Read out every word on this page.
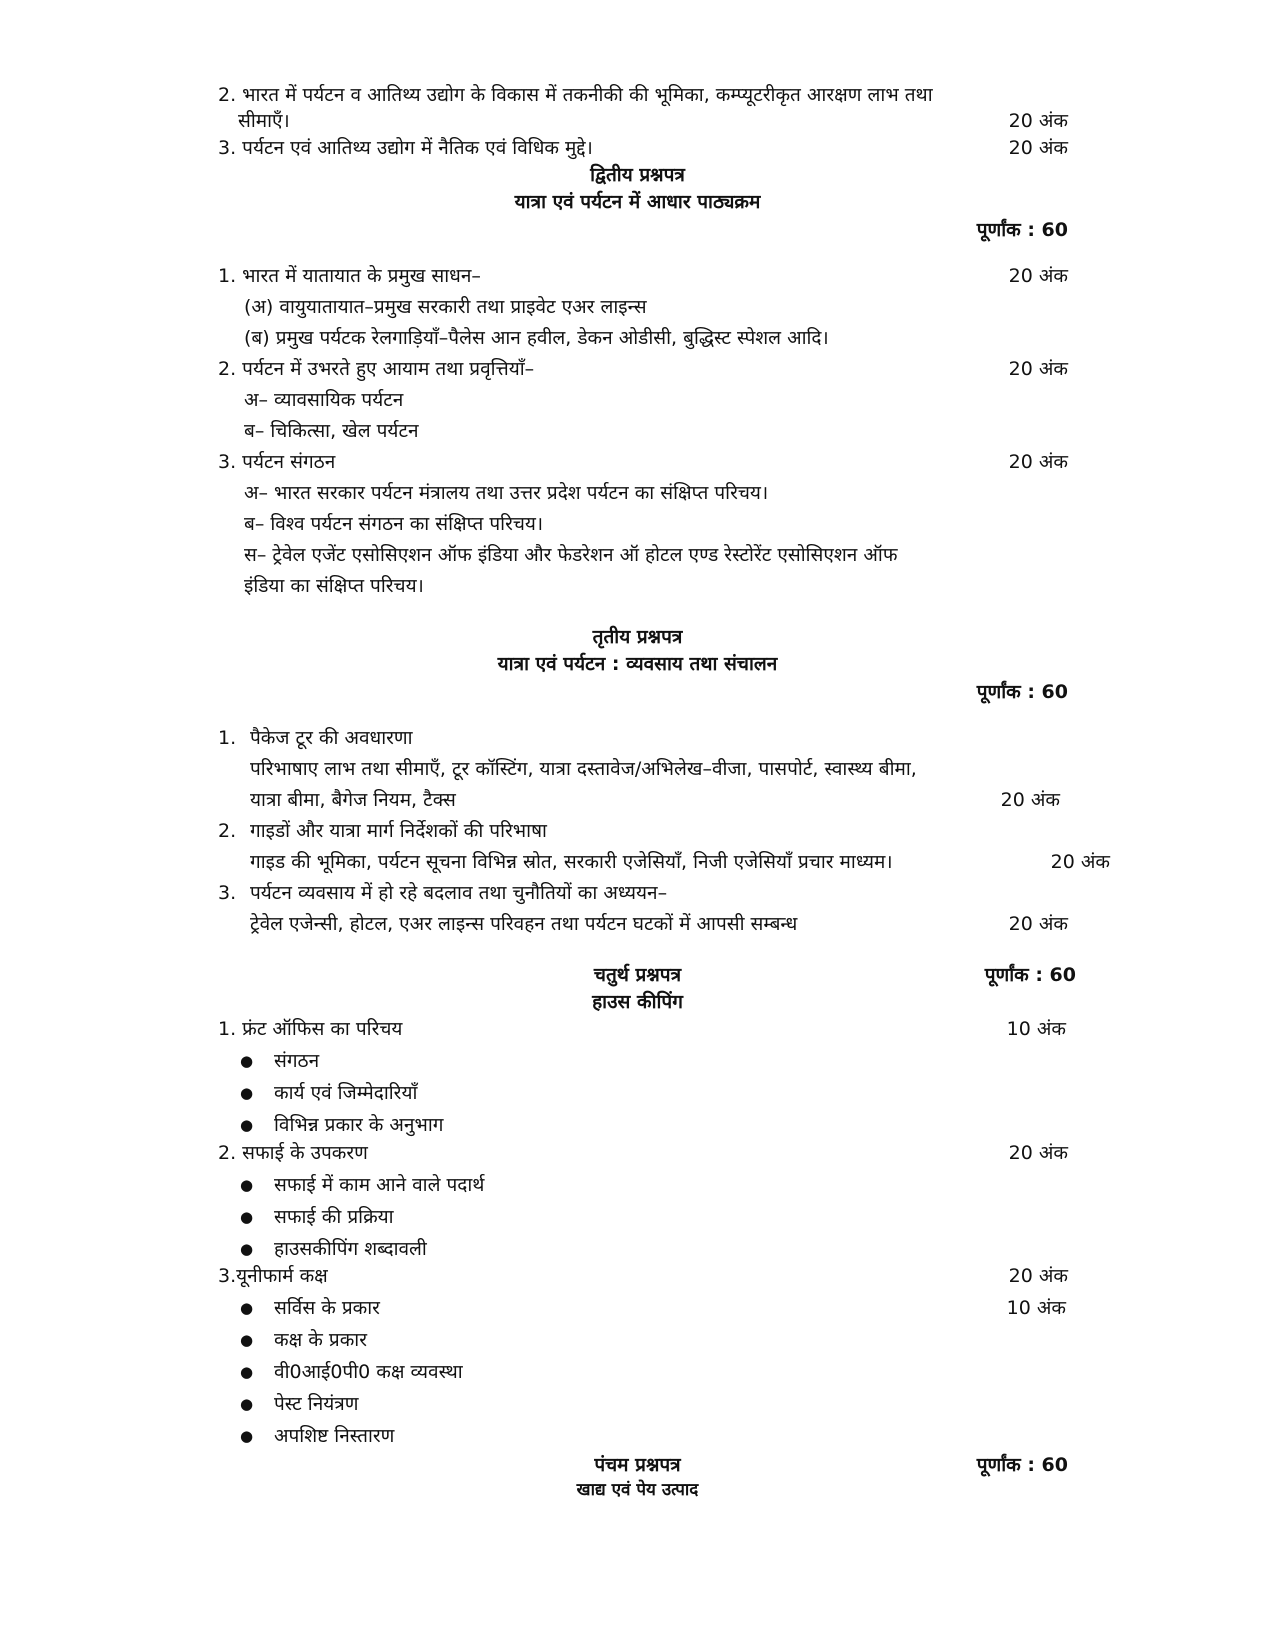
2. भारत में पर्यटन व आतिथ्य उद्योग के विकास में तकनीकी की भूमिका, कम्प्यूटरीकृत आरक्षण लाभ तथा
सीमाएँ।	20 अंक
3. पर्यटन एवं आतिथ्य उद्योग में नैतिक एवं विधिक मुद्दे।	20 अंक
द्वितीय प्रश्नपत्र
यात्रा एवं पर्यटन में आधार पाठ्यक्रम
पूर्णांक : 60
1. भारत में यातायात के प्रमुख साधन–	20 अंक
(अ) वायुयातायात–प्रमुख सरकारी तथा प्राइवेट एअर लाइन्स
(ब) प्रमुख पर्यटक रेलगाड़ियाँ–पैलेस आन हवील, डेकन ओडीसी, बुद्धिस्ट स्पेशल आदि।
2. पर्यटन में उभरते हुए आयाम तथा प्रवृत्तियाँ–	20 अंक
अ– व्यावसायिक पर्यटन
ब– चिकित्सा, खेल पर्यटन
3. पर्यटन संगठन	20 अंक
अ– भारत सरकार पर्यटन मंत्रालय तथा उत्तर प्रदेश पर्यटन का संक्षिप्त परिचय।
ब– विश्व पर्यटन संगठन का संक्षिप्त परिचय।
स– ट्रेवेल एजेंट एसोसिएशन ऑफ इंडिया और फेडरेशन ऑ होटल एण्ड रेस्टोरेंट एसोसिएशन ऑफ
इंडिया का संक्षिप्त परिचय।
तृतीय प्रश्नपत्र
यात्रा एवं पर्यटन : व्यवसाय तथा संचालन
पूर्णांक : 60
1. पैकेज टूर की अवधारणा
परिभाषाए लाभ तथा सीमाएँ, टूर कॉस्टिंग, यात्रा दस्तावेज/अभिलेख–वीजा, पासपोर्ट, स्वास्थ्य बीमा,
यात्रा बीमा, बैगेज नियम, टैक्स	20 अंक
2. गाइडों और यात्रा मार्ग निर्देशकों की परिभाषा
गाइड की भूमिका, पर्यटन सूचना विभिन्न स्रोत, सरकारी एजेसियाँ, निजी एजेसियाँ प्रचार माध्यम।	20 अंक
3. पर्यटन व्यवसाय में हो रहे बदलाव तथा चुनौतियों का अध्ययन–
ट्रेवेल एजेन्सी, होटल, एअर लाइन्स परिवहन तथा पर्यटन घटकों में आपसी सम्बन्ध	20 अंक
चतुर्थ प्रश्नपत्र	पूर्णांक : 60
हाउस कीपिंग
1. फ्रंट ऑफिस का परिचय	10 अंक
● संगठन
● कार्य एवं जिम्मेदारियाँ
● विभिन्न प्रकार के अनुभाग
2. सफाई के उपकरण	20 अंक
● सफाई में काम आने वाले पदार्थ
● सफाई की प्रक्रिया
● हाउसकीपिंग शब्दावली
3.यूनीफार्म कक्ष	20 अंक
● सर्विस के प्रकार	10 अंक
● कक्ष के प्रकार
● वी0आई0पी0 कक्ष व्यवस्था
● पेस्ट नियंत्रण
● अपशिष्ट निस्तारण
पंचम प्रश्नपत्र	पूर्णांक : 60
खाद्य एवं पेय उत्पाद
